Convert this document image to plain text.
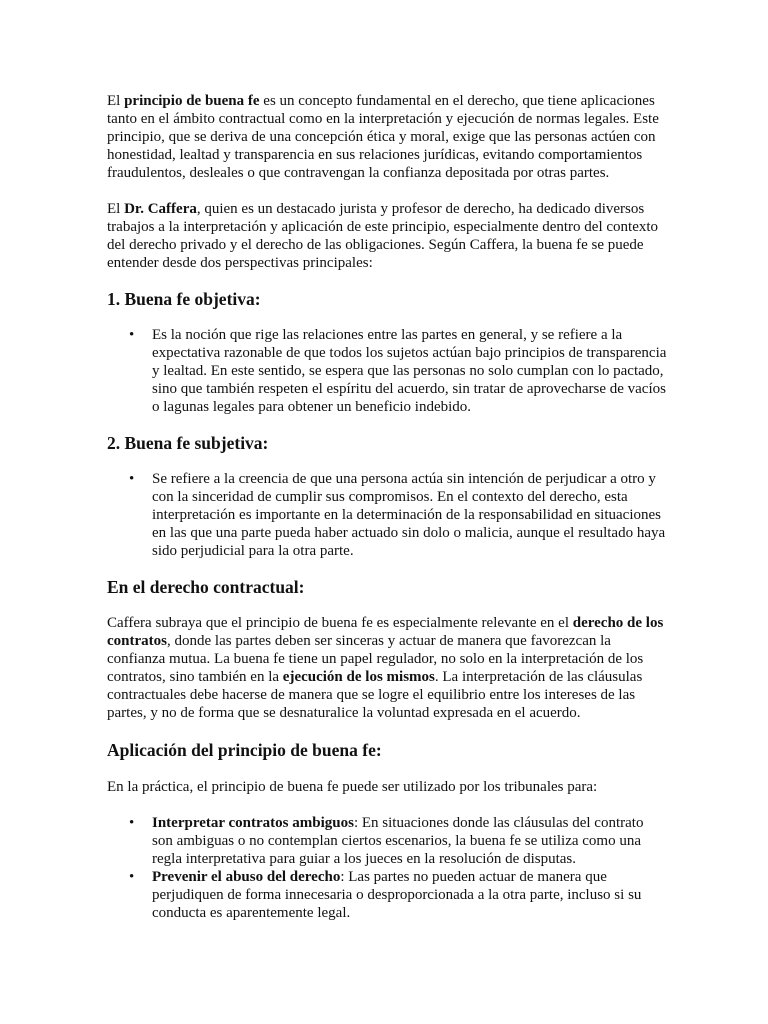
El principio de buena fe es un concepto fundamental en el derecho, que tiene aplicaciones tanto en el ámbito contractual como en la interpretación y ejecución de normas legales. Este principio, que se deriva de una concepción ética y moral, exige que las personas actúen con honestidad, lealtad y transparencia en sus relaciones jurídicas, evitando comportamientos fraudulentos, desleales o que contravengan la confianza depositada por otras partes.

El Dr. Caffera, quien es un destacado jurista y profesor de derecho, ha dedicado diversos trabajos a la interpretación y aplicación de este principio, especialmente dentro del contexto del derecho privado y el derecho de las obligaciones. Según Caffera, la buena fe se puede entender desde dos perspectivas principales:

1. Buena fe objetiva:
• Es la noción que rige las relaciones entre las partes en general, y se refiere a la expectativa razonable de que todos los sujetos actúan bajo principios de transparencia y lealtad. En este sentido, se espera que las personas no solo cumplan con lo pactado, sino que también respeten el espíritu del acuerdo, sin tratar de aprovecharse de vacíos o lagunas legales para obtener un beneficio indebido.
2. Buena fe subjetiva:
• Se refiere a la creencia de que una persona actúa sin intención de perjudicar a otro y con la sinceridad de cumplir sus compromisos. En el contexto del derecho, esta interpretación es importante en la determinación de la responsabilidad en situaciones en las que una parte pueda haber actuado sin dolo o malicia, aunque el resultado haya sido perjudicial para la otra parte.
En el derecho contractual:

Caffera subraya que el principio de buena fe es especialmente relevante en el derecho de los contratos, donde las partes deben ser sinceras y actuar de manera que favorezcan la confianza mutua. La buena fe tiene un papel regulador, no solo en la interpretación de los contratos, sino también en la ejecución de los mismos. La interpretación de las cláusulas contractuales debe hacerse de manera que se logre el equilibrio entre los intereses de las partes, y no de forma que se desnaturalice la voluntad expresada en el acuerdo.

Aplicación del principio de buena fe:

En la práctica, el principio de buena fe puede ser utilizado por los tribunales para:

• Interpretar contratos ambiguos: En situaciones donde las cláusulas del contrato son ambiguas o no contemplan ciertos escenarios, la buena fe se utiliza como una regla interpretativa para guiar a los jueces en la resolución de disputas.
• Prevenir el abuso del derecho: Las partes no pueden actuar de manera que perjudiquen de forma innecesaria o desproporcionada a la otra parte, incluso si su conducta es aparentemente legal.
